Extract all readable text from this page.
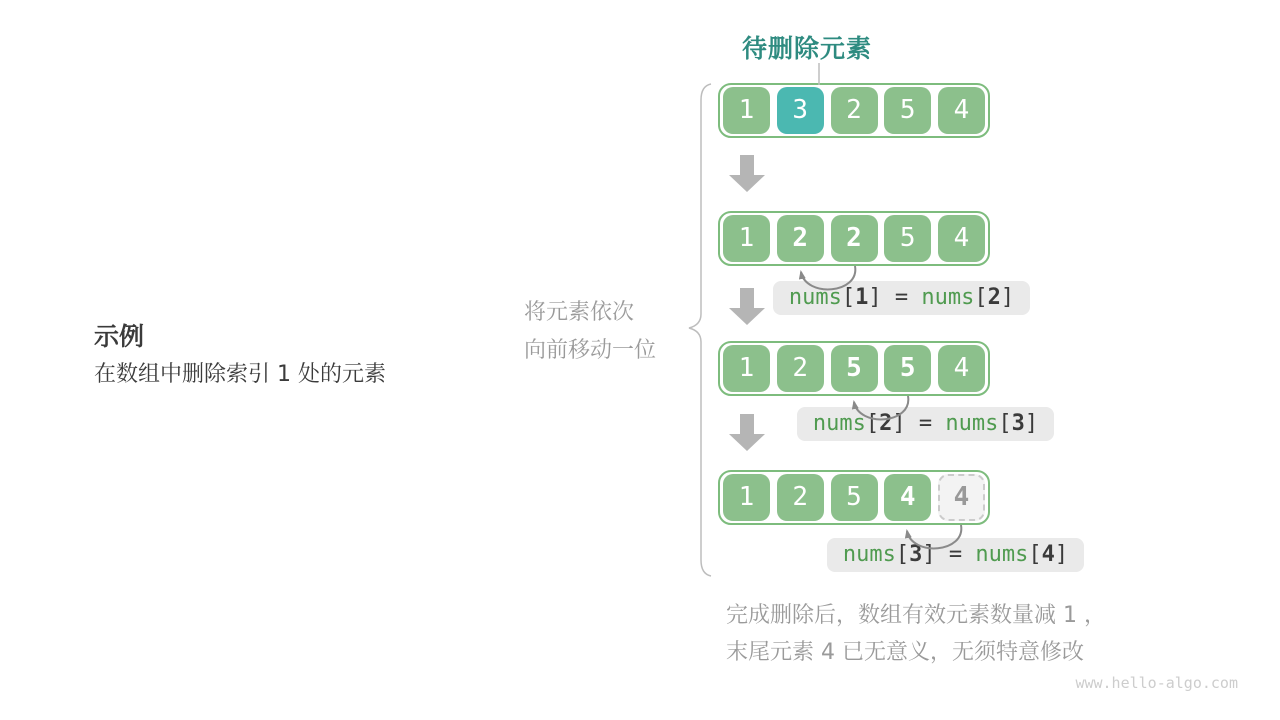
待删除元素
示例
在数组中删除索引 1 处的元素
将元素依次
向前移动一位
1	3	2	5	4
1	2	2	5	4
1	2	5	5	4
1	2	5	4	4
nums[1] = nums[2]
nums[2] = nums[3]
nums[3] = nums[4]
完成删除后，数组有效元素数量减 1 ，
末尾元素 4 已无意义，无须特意修改
www.hello-algo.com
